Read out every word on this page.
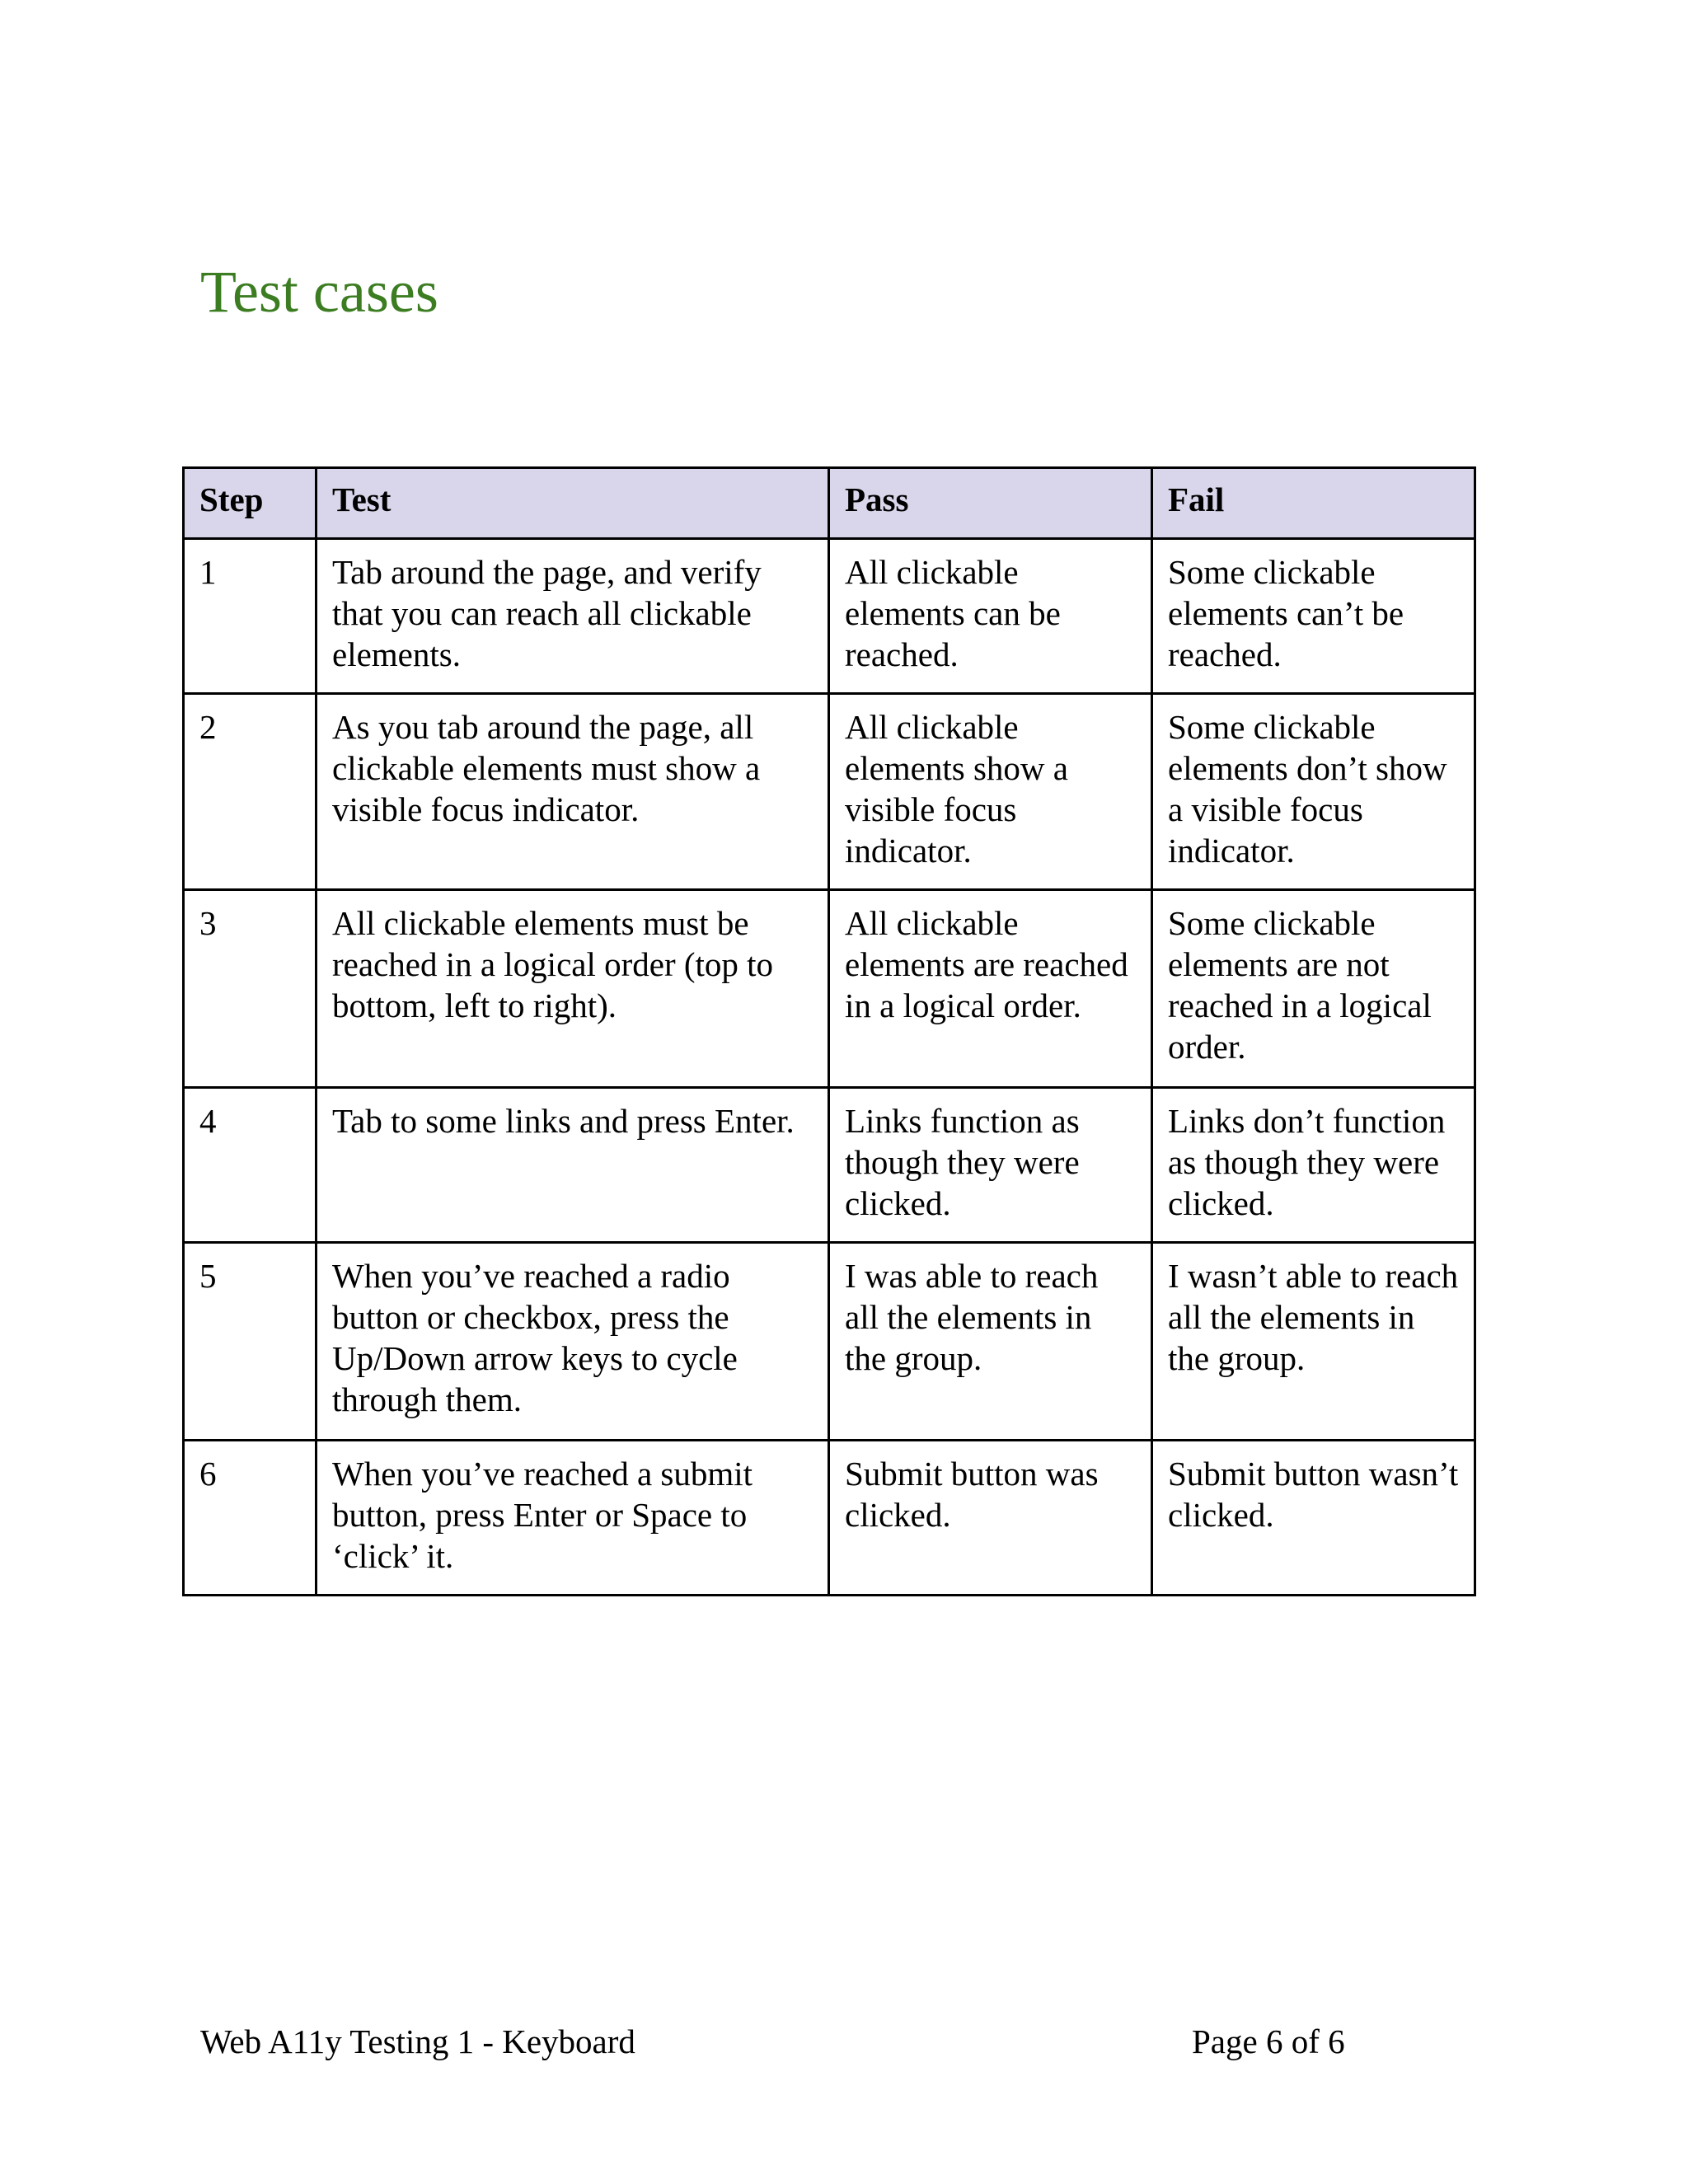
Test cases
Step	Test	Pass	Fail
1	Tab around the page, and verify that you can reach all clickable elements.	All clickable elements can be reached.	Some clickable elements can’t be reached.
2	As you tab around the page, all clickable elements must show a visible focus indicator.	All clickable elements show a visible focus indicator.	Some clickable elements don’t show a visible focus indicator.
3	All clickable elements must be reached in a logical order (top to bottom, left to right).	All clickable elements are reached in a logical order.	Some clickable elements are not reached in a logical order.
4	Tab to some links and press Enter.	Links function as though they were clicked.	Links don’t function as though they were clicked.
5	When you’ve reached a radio button or checkbox, press the Up/Down arrow keys to cycle through them.	I was able to reach all the elements in the group.	I wasn’t able to reach all the elements in the group.
6	When you’ve reached a submit button, press Enter or Space to ‘click’ it.	Submit button was clicked.	Submit button wasn’t clicked.
Web A11y Testing 1 - Keyboard	Page 6 of 6
